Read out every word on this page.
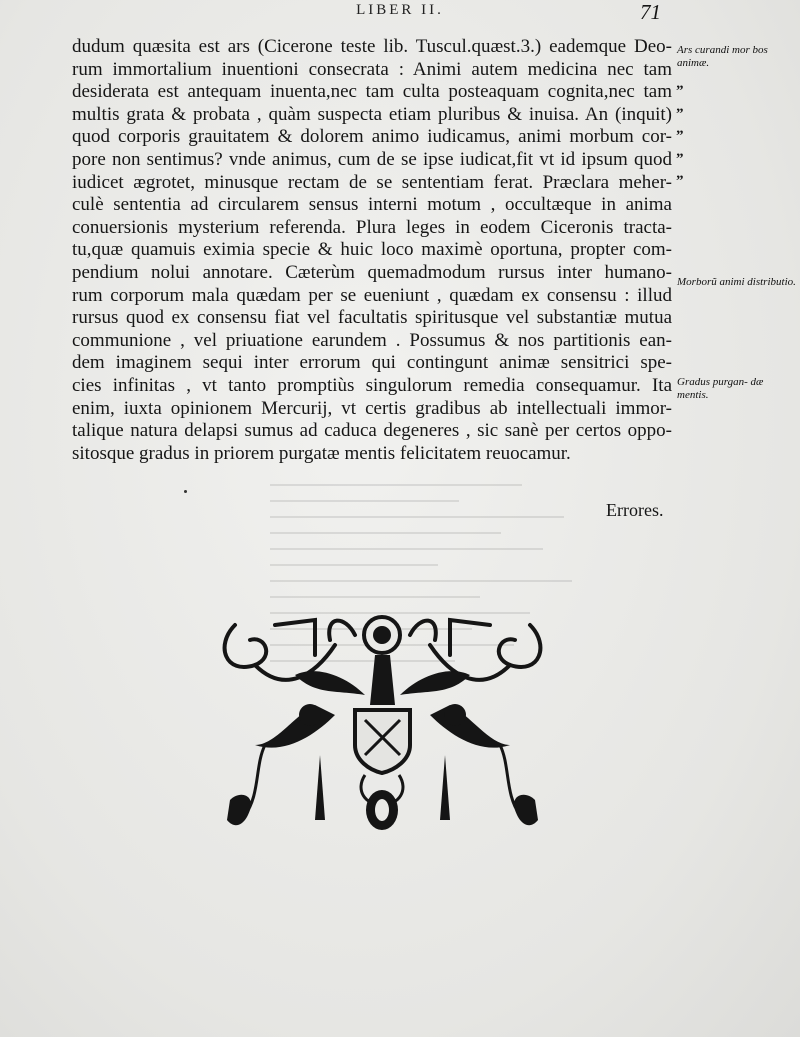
LIBER II.	71
dudum quæsita est ars (Cicerone teste lib. Tuscul.quæst.3.) eademque Deo-
rum immortalium inuentioni consecrata : Animi autem medicina nec tam
desiderata est antequam inuenta,nec tam culta posteaquam cognita,nec tam
multis grata & probata , quàm suspecta etiam pluribus & inuisa. An (inquit)
quod corporis grauitatem & dolorem animo iudicamus, animi morbum cor-
pore non sentimus? vnde animus, cum de se ipse iudicat,fit vt id ipsum quod
iudicet ægrotet, minusque rectam de se sententiam ferat. Præclara meher-
culè sententia ad circularem sensus interni motum , occultæque in anima
conuersionis mysterium referenda. Plura leges in eodem Ciceronis tracta-
tu,quæ quamuis eximia specie & huic loco maximè oportuna, propter com-
pendium nolui annotare. Cæterùm quemadmodum rursus inter humano-
rum corporum mala quædam per se eueniunt , quædam ex consensu : illud
rursus quod ex consensu fiat vel facultatis spiritusque vel substantiæ mutua
communione , vel priuatione earundem . Possumus & nos partitionis ean-
dem imaginem sequi inter errorum qui contingunt animæ sensitrici spe-
cies infinitas , vt tanto promptiùs singulorum remedia consequamur. Ita
enim, iuxta opinionem Mercurij, vt certis gradibus ab intellectuali immor-
talique natura delapsi sumus ad caduca degeneres , sic sanè per certos oppo-
sitosque gradus in priorem purgatæ mentis felicitatem reuocamur.
Ars curandi mor bos animæ.
Morborũ animi distributio.
Gradus purgan- dæ mentis.
”
”
”
”
”
Errores.
